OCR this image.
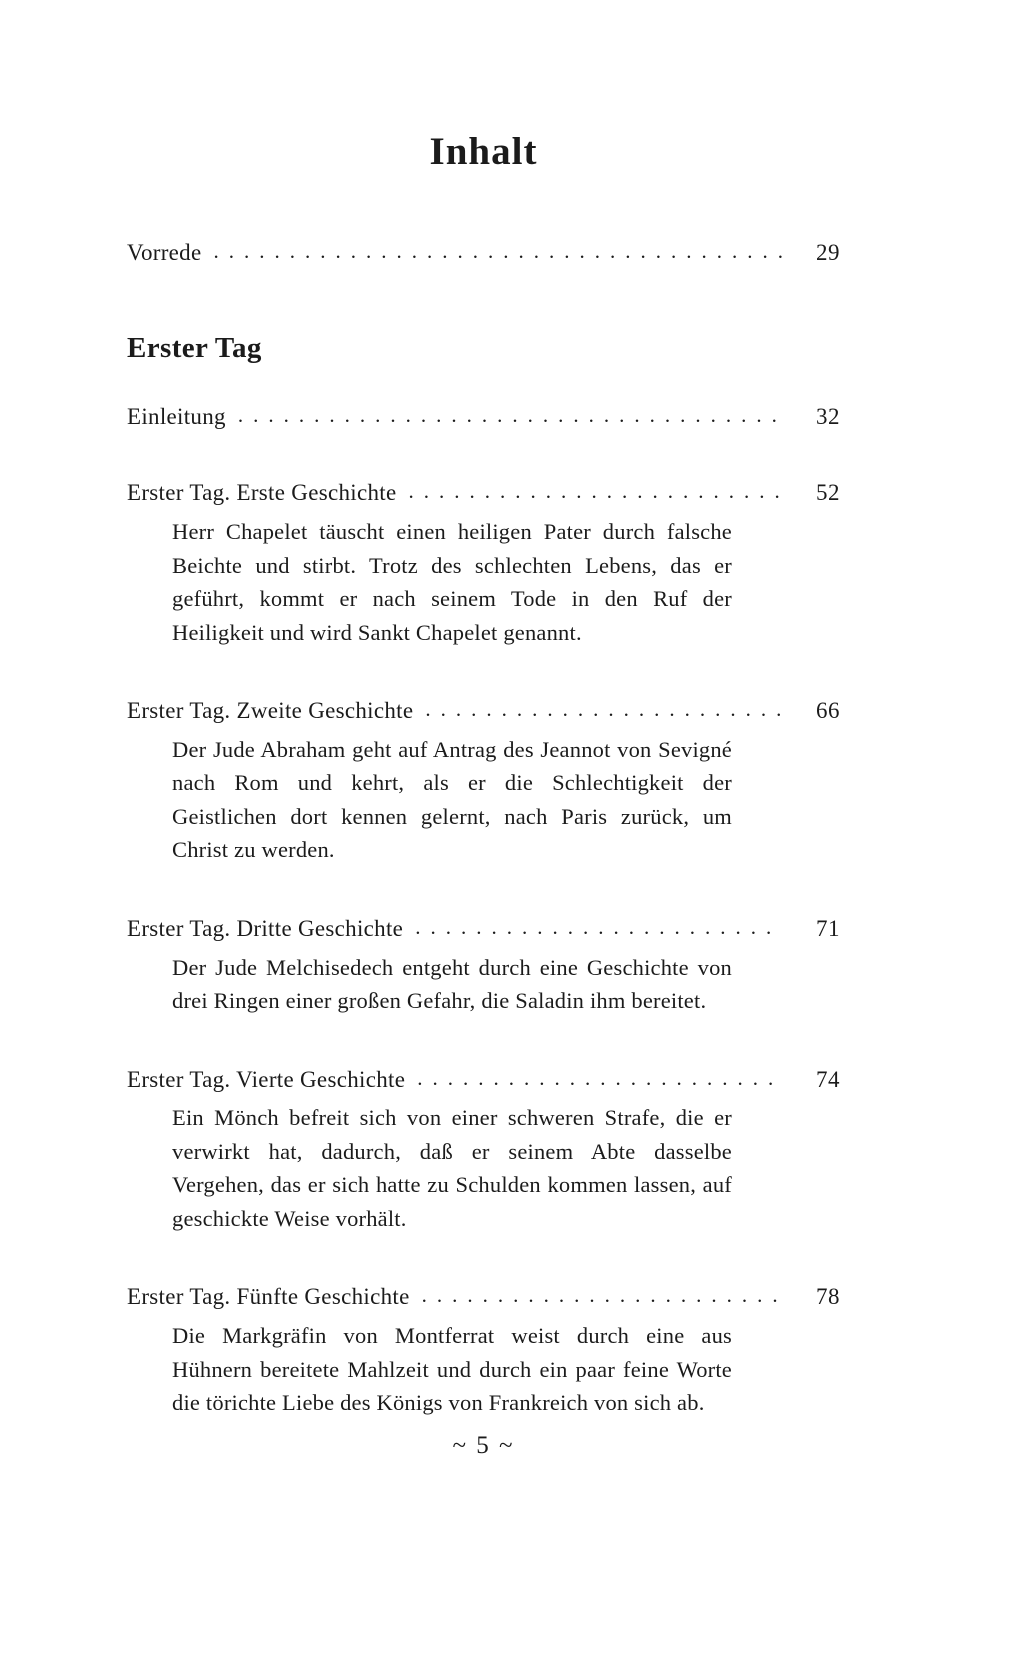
Inhalt
Vorrede .....	29
Erster Tag
Einleitung .....	32
Erster Tag. Erste Geschichte .....	52

Herr Chapelet täuscht einen heiligen Pater durch falsche Beichte und stirbt. Trotz des schlechten Lebens, das er geführt, kommt er nach seinem Tode in den Ruf der Heiligkeit und wird Sankt Chapelet genannt.

Erster Tag. Zweite Geschichte .....	66

Der Jude Abraham geht auf Antrag des Jeannot von Sevigné nach Rom und kehrt, als er die Schlechtigkeit der Geistlichen dort kennen gelernt, nach Paris zurück, um Christ zu werden.

Erster Tag. Dritte Geschichte .....	71

Der Jude Melchisedech entgeht durch eine Geschichte von drei Ringen einer großen Gefahr, die Saladin ihm bereitet.

Erster Tag. Vierte Geschichte .....	74

Ein Mönch befreit sich von einer schweren Strafe, die er verwirkt hat, dadurch, daß er seinem Abte dasselbe Vergehen, das er sich hatte zu Schulden kommen lassen, auf geschickte Weise vorhält.

Erster Tag. Fünfte Geschichte .....	78

Die Markgräfin von Montferrat weist durch eine aus Hühnern bereitete Mahlzeit und durch ein paar feine Worte die törichte Liebe des Königs von Frankreich von sich ab.

~ 5 ~
